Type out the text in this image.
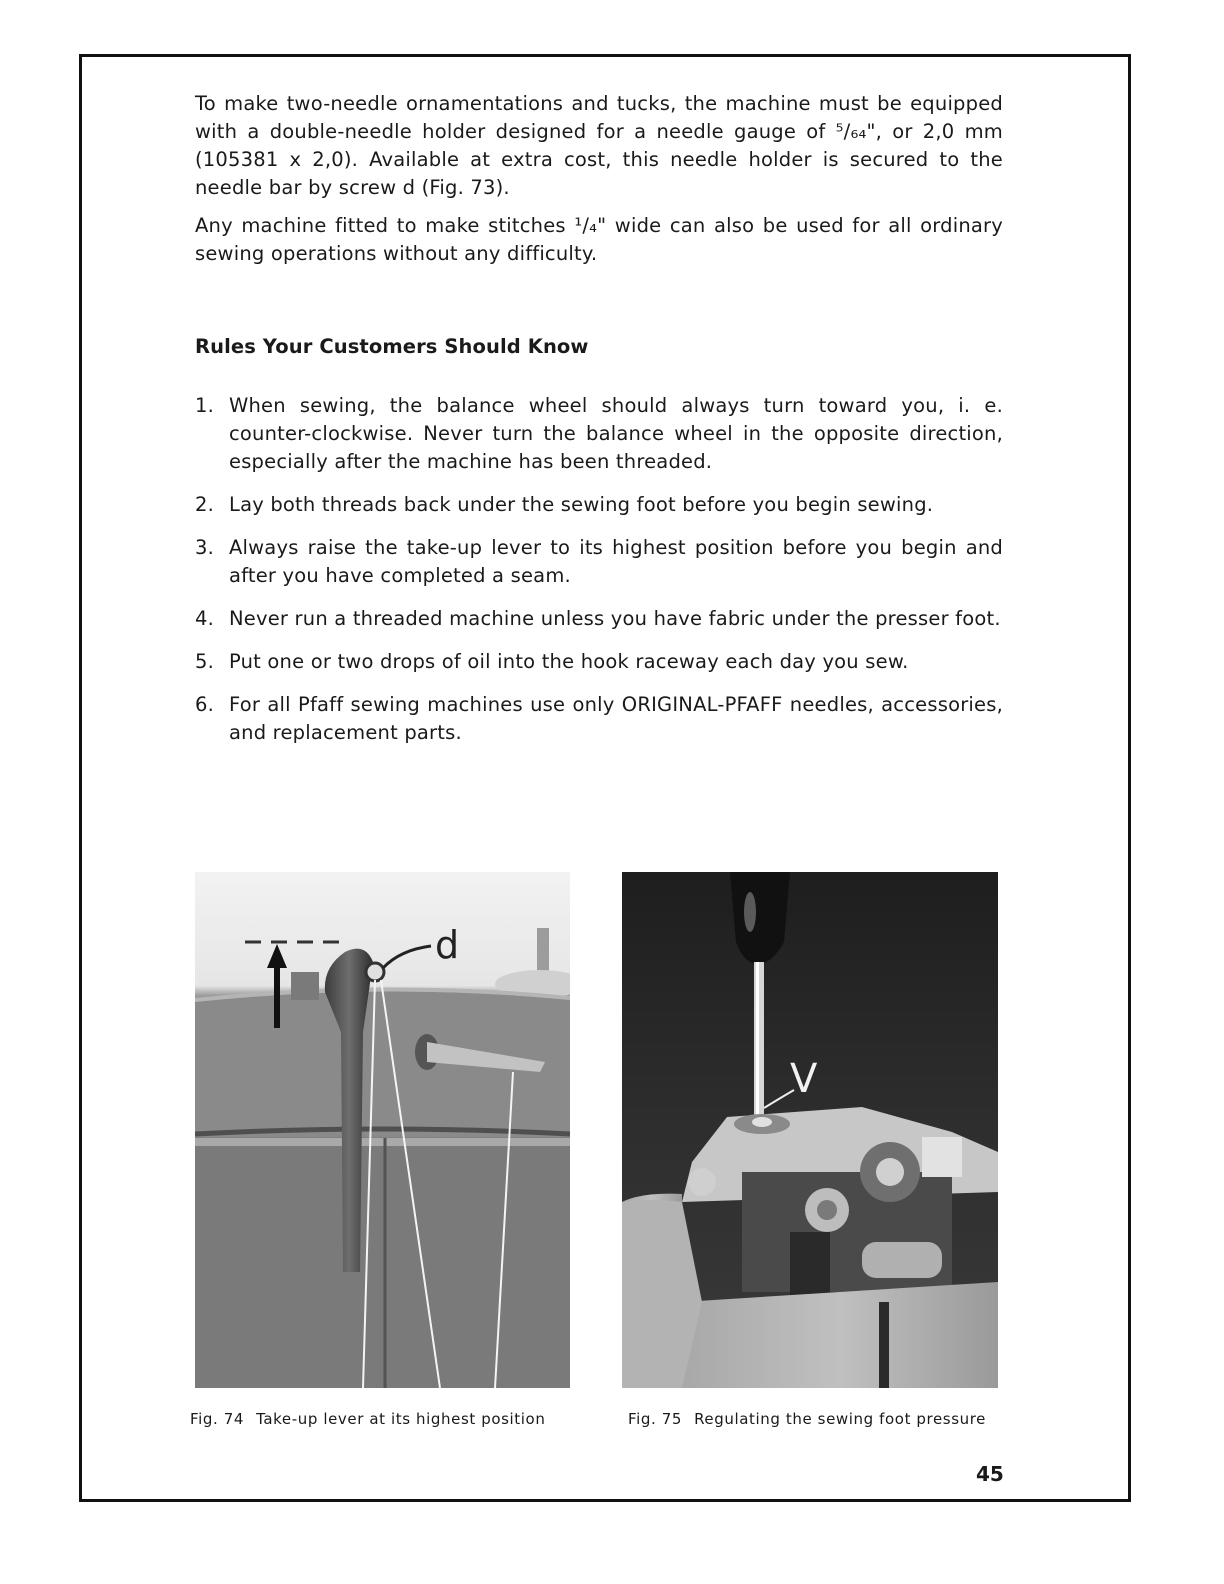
To make two-needle ornamentations and tucks, the machine must be equipped with a double-needle holder designed for a needle gauge of ⁵/₆₄", or 2,0 mm (105381 x 2,0). Available at extra cost, this needle holder is secured to the needle bar by screw d (Fig. 73).

Any machine fitted to make stitches ¹/₄" wide can also be used for all ordinary sewing operations without any difficulty.

Rules Your Customers Should Know
1. When sewing, the balance wheel should always turn toward you, i. e. counter-clockwise. Never turn the balance wheel in the opposite direction, especially after the machine has been threaded.
2. Lay both threads back under the sewing foot before you begin sewing.
3. Always raise the take-up lever to its highest position before you begin and after you have completed a seam.
4. Never run a threaded machine unless you have fabric under the presser foot.
5. Put one or two drops of oil into the hook raceway each day you sew.
6. For all Pfaff sewing machines use only ORIGINAL-PFAFF needles, accessories, and replacement parts.
d
V
Fig. 74 Take-up lever at its highest position	Fig. 75 Regulating the sewing foot pressure
45
